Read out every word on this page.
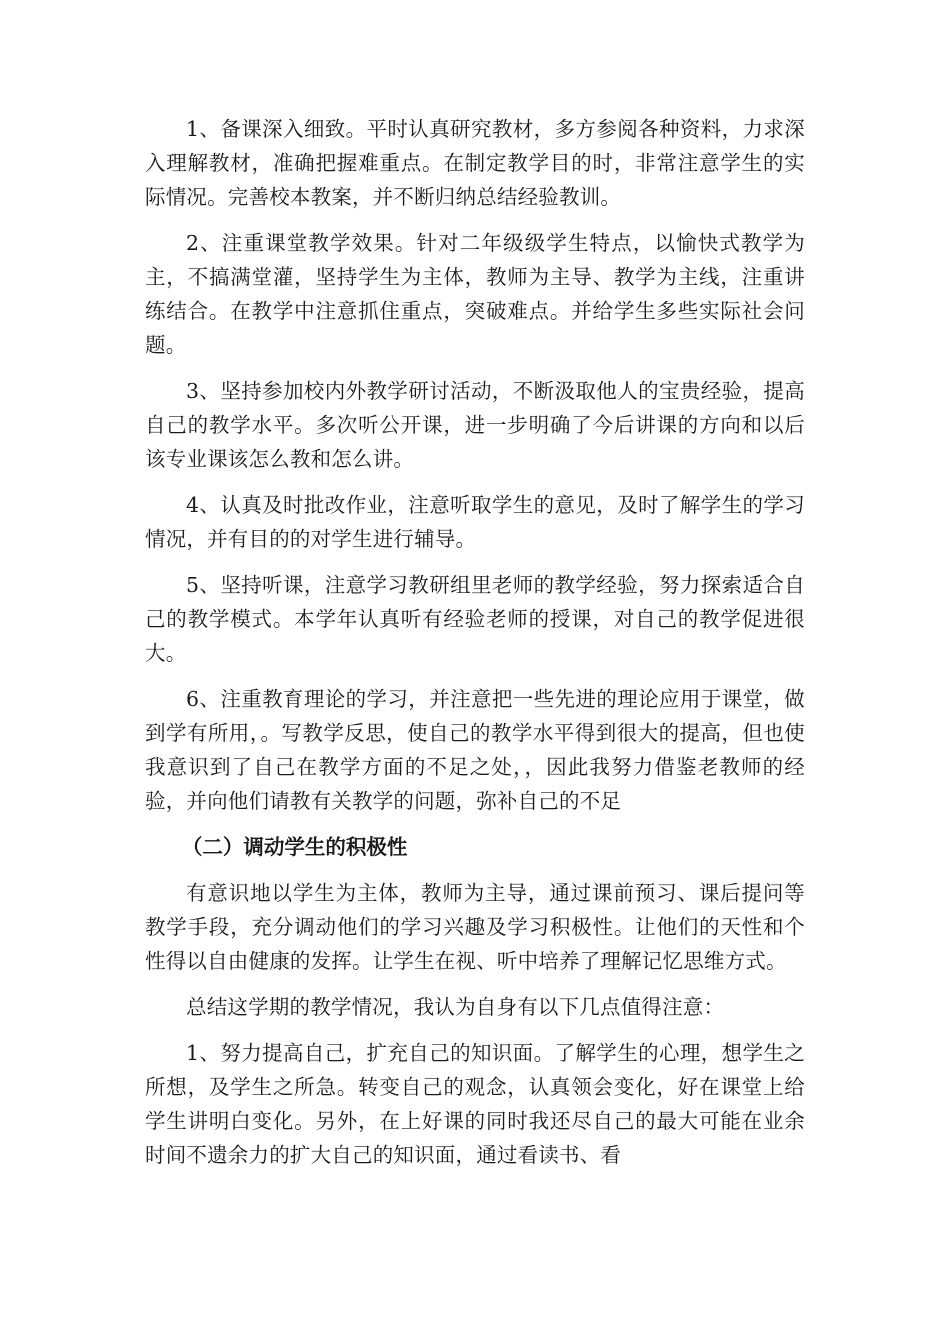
1、备课深入细致。平时认真研究教材，多方参阅各种资料，力求深入理解教材，准确把握难重点。在制定教学目的时，非常注意学生的实际情况。完善校本教案，并不断归纳总结经验教训。

2、注重课堂教学效果。针对二年级级学生特点，以愉快式教学为主，不搞满堂灌，坚持学生为主体，教师为主导、教学为主线，注重讲练结合。在教学中注意抓住重点，突破难点。并给学生多些实际社会问题。

3、坚持参加校内外教学研讨活动，不断汲取他人的宝贵经验，提高自己的教学水平。多次听公开课，进一步明确了今后讲课的方向和以后该专业课该怎么教和怎么讲。

4、认真及时批改作业，注意听取学生的意见，及时了解学生的学习情况，并有目的的对学生进行辅导。

5、坚持听课，注意学习教研组里老师的教学经验，努力探索适合自己的教学模式。本学年认真听有经验老师的授课，对自己的教学促进很大。

6、注重教育理论的学习，并注意把一些先进的理论应用于课堂，做到学有所用，。写教学反思，使自己的教学水平得到很大的提高，但也使我意识到了自己在教学方面的不足之处，，因此我努力借鉴老教师的经验，并向他们请教有关教学的问题，弥补自己的不足

（二）调动学生的积极性

有意识地以学生为主体，教师为主导，通过课前预习、课后提问等教学手段，充分调动他们的学习兴趣及学习积极性。让他们的天性和个性得以自由健康的发挥。让学生在视、听中培养了理解记忆思维方式。

总结这学期的教学情况，我认为自身有以下几点值得注意：

1、努力提高自己，扩充自己的知识面。了解学生的心理，想学生之所想，及学生之所急。转变自己的观念，认真领会变化，好在课堂上给学生讲明白变化。另外，在上好课的同时我还尽自己的最大可能在业余时间不遗余力的扩大自己的知识面，通过看读书、看
